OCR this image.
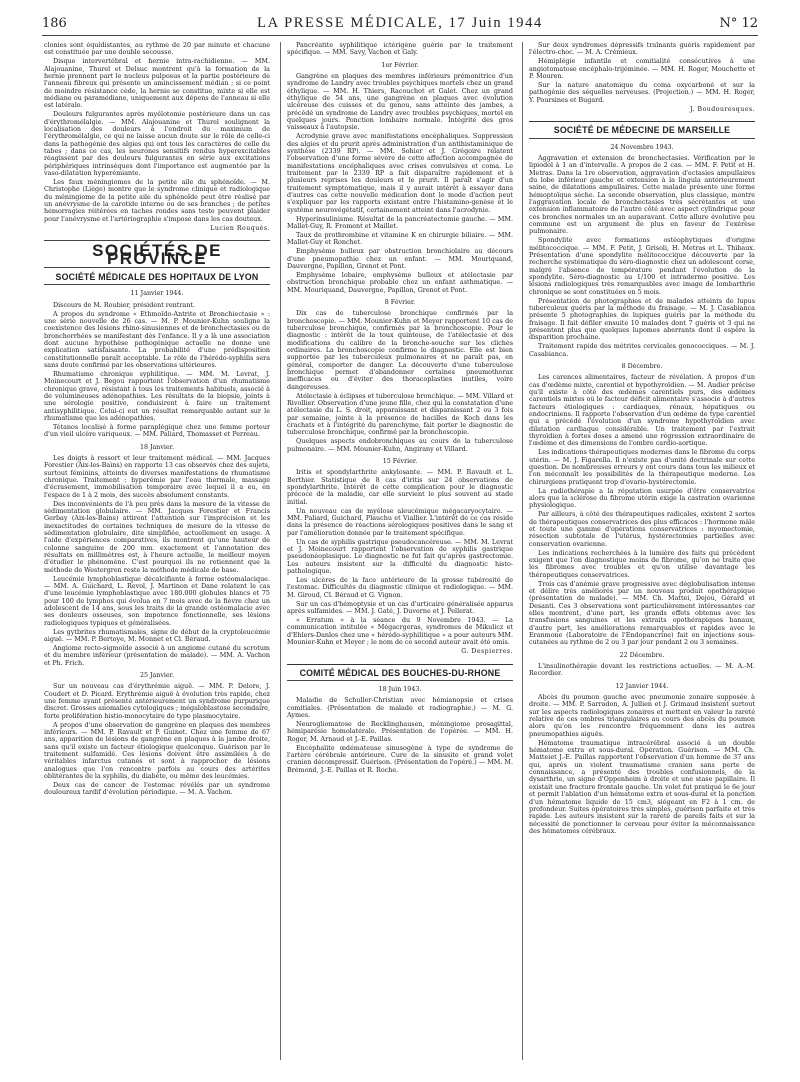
186	LA PRESSE MÉDICALE, 17 Juin 1944	N° 12

clonies sont équidistantes, au rythme de 20 par minute et chacune est constituée par une double secousse.

Disque intervertébral et hernie intra-rachidienne. — MM. Alajouanine, Thurel et Delsuc montrent qu'à la formation de la hernie prennent part le nucleus pulposus et la partie postérieure de l'anneau fibreux qui présente un amincissement médian ; si ce point de moindre résistance cède, la hernie se constitue, mixte si elle est médiane ou paramédiane, uniquement aux dépens de l'anneau si elle est latérale.

Douleurs fulgurantes après myélotomie postérieure dans un cas d'érythromélalgie. — MM. Alajouanine et Thurel soulignent la localisation des douleurs à l'endroit du maximum de l'érythromélalgie, ce qui ne laisse aucun doute sur le rôle de celle-ci dans la pathogénie des algies qui ont tous les caractères de celle du tabes ; dans ce cas, les neurones sensitifs rendus hyperexcitables réagissent par des douleurs fulgurantes en série aux excitations périphériques intrinsèques dont l'importance est augmentée par la vaso-dilatation hyperémiante.

Les faux méningiomes de la petite aile du sphénoïde. — M. Christophe (Liège) montre que le syndrome clinique et radiologique du méningiome de la petite aile du sphénoïde peut être réalisé par un anévrysme de la carotide interne ou de ses branches ; de petites hémorragies réitérées en taches rondes sans teste peuvent plaider pour l'anévrysme et l'artériographie s'impose dans les cas douteux.

Lucien Rouquès.
SOCIÉTÉS DE PROVINCE
SOCIÉTÉ MÉDICALE DES HOPITAUX DE LYON
11 Janvier 1944.

Discours de M. Roubier, président rentrant.

A propos du syndrome « Ethmoïdo-Antrite et Bronchiectasie » : une série nouvelle de 26 cas. — M. P. Mounier-Kuhn souligne la coexistence des lésions rhino-sinusiennes et de bronchectasies ou de bronchorrhées se manifestant dès l'enfance. Il y a là une association dont aucune hypothèse pathogénique actuelle ne donne une explication satisfaisante. La probabilité d'une prédisposition constitutionnelle paraît acceptable. Le rôle de l'hérédo-syphilis sera sans doute confirmé par les observations ultérieures.

Rhumatisme chronique syphilitique. — MM. M. Levrat, J. Moinecourt et J. Begou rapportent l'observation d'un rhumatisme chronique grave, résistant à tous les traitements habituels, associé à de volumineuses adénopathies. Les résultats de la biopsie, joints à une sérologie positive, conduisirent à faire un traitement antisyphilitique. Celui-ci eut un résultat remarquable autant sur le rhumatisme que les adénopathies.

Tétanos localisé à forme paraplégique chez une femme porteur d'un vieil ulcère variqueux. — MM. Paliard, Thomasset et Perreau.

18 Janvier.

Les doigts à ressort et leur traitement médical. — MM. Jacques Forestier (Aix-les-Bains) en rapporte 13 cas observés chez des sujets, surtout féminins, atteints de diverses manifestations de rhumatisme chronique. Traitement : hyperémie par l'eau thermale, massage d'écrasement, immobilisation temporaire avec lequel il a eu, en l'espace de 1 à 2 mois, des succès absolument constants.

Des inconvénients de l'à peu près dans la mesure de la vitesse de sédimentation globulaire. — MM. Jacques Forestier et Francis Gerbay (Aix-les-Bains) attirent l'attention sur l'imprécision et les inexactitudes de certaines techniques de mesure de la vitesse de sédimentation globulaire, dite simplifiée, actuellement en usage. A l'aide d'expériences comparatives, ils montrent qu'une hauteur de colonne sanguine de 200 mm. exactement et l'annotation des résultats en millimètres est, à l'heure actuelle, le meilleur moyen d'étudier le phénomène. C'est pourquoi ils ne retiennent que la méthode de Westergren reste la méthode médicale de base.

Leucémie lymphoblastique décalcifiante à forme ostéomalacique. — MM. A. Guichard, L. Revol, J. Martinon et Dane relatent le cas d'une leucémie lymphoblastique avec 180.000 globules blancs et 75 pour 100 de lymphos qui évolua en 7 mois avec de la fièvre chez un adolescent de 14 ans, sous les traits de la grande ostéomalacie avec ses douleurs osseuses, son impotence fonctionnelle, ses lésions radiologiques typiques et généralisées.

Les gytbrites rhumatismales, signe de début de la cryptoleucémie aiguë. — MM. P. Bertoye, M. Monnet et Cl. Béraud.

Angiome recto-sigmoïde associé à un angiome cutané du scrotum et du membre inférieur (présentation de malade). — MM. A. Vachon et Ph. Frich.

25 Janvier.

Sur un nouveau cas d'érythrémie aiguë. — MM. P. Delore, J. Coudert et D. Picard. Erythrémie aiguë à évolution très rapide, chez une femme ayant présenté antérieurement un syndrome purpurique discret. Grosses anomalies cytologiques ; mégaloblastose secondaire, forte prolifération histio-monocytaire de type plasmocytaire.

A propos d'une observation de gangrène en plaques des membres inférieurs. — MM. P. Ravault et P. Guinet. Chez une femme de 67 ans, apparition de lésions de gangrène en plaques à la jambe droite, sans qu'il existe un facteur étiologique quelconque. Guérison par le traitement sulfamidé. Ces lésions doivent être assimilées à de véritables infarctus cutanés et sont à rapprocher de lésions analogues que l'on rencontre parfois au cours des artérites oblitérantes de la syphilis, du diabète, ou même des leucémies.

Deux cas de cancer de l'estomac révélés par un syndrome douloureux tardif d'évolution périodique. — M. A. Vachon.

Pancréatite syphilitique ictérigène guérie par le traitement spécifique. — MM. Savy, Vachon et Galy.

1er Février.

Gangrène en plaques des membres inférieurs prémonitrice d'un syndrome de Landry avec troubles psychiques mortels chez un grand éthylique. — MM. H. Thiers, Racouchot et Galet. Chez un grand éthylique de 54 ans, une gangrène en plaques avec évolution ulcéreuse des cuisses et du genou, sans atteinte des jambes, a précédé un syndrome de Landry avec troubles psychiques, mortel en quelques jours. Ponction lombaire normale. Intégrité des gros vaisseaux à l'autopsie.

Acrodynie grave avec manifestations encéphaliques. Suppression des algies et du prurit après administration d'un antihistaminique de synthèse (2339 RP). — MM. Sohier et J. Grégoire relatent l'observation d'une forme sévère de cette affection accompagnée de manifestations encéphaliques avec crises convulsives et coma. Le traitement par le 2339 RP a fait disparaître rapidement et à plusieurs reprises les douleurs et le prurit. Il paraît s'agir d'un traitement symptomatique, mais il y aurait intérêt à essayer dans d'autres cas cette nouvelle médication dont le mode d'action peut s'expliquer par les rapports existant entre l'histamino-genèse et le système neurovégétatif, certainement atteint dans l'acrodynie.

Hyperinsulinisme. Résultat de la pancréatectomie gauche. — MM. Mallet-Guy, R. Froment et Maillet.

Taux de prothrombine et vitamine K en chirurgie biliaire. — MM. Mallet-Guy et Ronchet.

Emphysème bulleux par obstruction bronchiolaire au décours d'une pneumopathie chez un enfant. — MM. Mouriquand, Dauvergne, Papillon, Grenot et Pont.

Emphysème lobaire, emphysème bulleux et atélectasie par obstruction bronchique probable chez un enfant asthmatique. — MM. Mouriquand, Dauvergne, Papillon, Grenot et Pont.

8 Février.

Dix cas de tuberculose bronchique confirmés par la bronchoscopie. — MM. Mounier-Kuhn et Meyer rapportent 10 cas de tuberculose bronchique, confirmés par la bronchoscopie. Pour le diagnostic : intérêt de la toux quinteuse, de l'atélectasie et des modifications du calibre de la bronche-souche sur les clichés ordinaires. La bronchoscopie confirme le diagnostic. Elle est bien supportée par les tuberculeux pulmonaires et ne paraît pas, en général, comporter de danger. La découverte d'une tuberculose bronchique permet d'abandonner certaines pneumothorax inefficaces ou d'éviter des thoracoplasties inutiles, voire dangereuses.

Atélectasie à éclipses et tuberculose bronchique. — MM. Villard et Rivollier. Observation d'une jeune fille, chez qui la constatation d'une atélectasie du L. S. droit, apparaissant et disparaissant 2 ou 3 fois par semaine, jointe à la présence de bacilles de Koch dans les crachats et à l'intégrité du parenchyme, fait porter le diagnostic de tuberculose bronchique, confirmé par la bronchoscopie.

Quelques aspects endobronchiques au cours de la tuberculose pulmonaire. — MM. Mounier-Kuhn, Angirany et Villard.

15 Février.

Iritis et spondylarthrite ankylosante. — MM. P. Ravault et L. Berthier. Statistique de 8 cas d'iritis sur 24 observations de spondylarthrite. Intérêt de cette complication pour le diagnostic précoce de la maladie, car elle survient le plus souvent au stade initial.

Un nouveau cas de myélose aleucémique mégacaryocytaire. — MM. Paliard, Guichard, Plauchu et Viallier. L'intérêt de ce cas réside dans la présence de réactions sérologiques positives dans le sang et par l'amélioration donnée par le traitement spécifique.

Un cas de syphilis gastrique pseudocancéreuse. — MM. M. Levrat et J. Moinecourt rapportent l'observation de syphilis gastrique pseudonéoplasique. Le diagnostic ne fut fait qu'après gastrectomie. Les auteurs insistent sur la difficulté du diagnostic histo-pathologique.

Les ulcères de la face antérieure de la grosse tubérosité de l'estomac. Difficultés du diagnostic clinique et radiologique. — MM. M. Giroud, Cl. Béraud et G. Vignon.

Sur un cas d'hémoptysie et un cas d'urticaire généralisée apparus après sulfamides. — MM. J. Gaté, J. Duverne et J. Pellerat.

« Erratum » à la séance du 9 Novembre 1943. — La communication intitulée « Mégacrgeras, syndromes de Mikulicz et d'Ehlers-Danlos chez une « hérédo-syphilitique » a pour auteurs MM. Mounier-Kuhn et Meyer ; le nom de ce second auteur avait été omis.

G. Despierres.
COMITÉ MÉDICAL DES BOUCHES-DU-RHONE
18 Juin 1943.

Maladie de Schuller-Christian avec hémianopsie et crises comitiales. (Présentation de malade et radiographie.) — M. G. Aymes.

Neurogliomatose de Recklinghausen, méningiome prosagittal, hémiparésie homolatérale. Présentation de l'opérée. — MM. H. Roger, M. Arnaud et J.-E. Paillas.

Encéphalite œdémateuse sinusogène à type de syndrome de l'artère cérébrale antérieure. Cure de la sinusite et grand volet cranien décompressif. Guérison. (Présentation de l'opéré.) — MM. M. Brémond, J.-E. Paillas et R. Roche.

Sur deux syndromes dépressifs traînants guéris rapidement par l'électro-choc. — M. A. Crémieux.

Hémiplégie infantile et comitialité consécutives à une angiotomatose encéphalo-trijéminée. — MM. H. Roger, Mouchette et P. Mouren.

Sur la nature anatomique du coma oxycarboné et sur la pathogénie des séquelles nerveuses. (Projection.) — MM. H. Roger, Y. Poursines et Bugard.

J. Boudouresques.
SOCIÉTÉ DE MÉDECINE DE MARSEILLE
24 Novembre 1943.

Aggravation et extension de bronchectasies. Vérification par le lipiodol à 1 an d'intervalle. A propos de 2 cas. — MM. F. Petit et H. Metras. Dans la 1re observation, aggravation d'ectasies ampullaires du lobe inférieur gauche et extension à la lingula antérieurement saine, de dilatations ampullaires. Cette malade présente une forme hémoptoïque sèche. La seconde observation, plus classique, montre l'aggravation locale de bronchectasies très sécrétantes et une extension inflammatoire de l'autre côté avec aspect cylindrique pour ces bronches normales un an auparavant. Cette allure évolutive peu commune est un argument de plus en faveur de l'exérèse pulmonaire.

Spondylite avec formations ostéophytiques d'origine mélitococcique. — MM. F. Petit, J. Grisoli, H. Metras et L. Thibaux. Présentation d'une spondylite mélitococcique découverte par la recherche systématique du séro-diagnostic chez un adolescent corse, malgré l'absence de température pendant l'évolution de la spondylite. Séro-diagnostic au 1/100 et intradermo positive. Les lésions radiologiques très remarquables avec image de lombarthrie chronique se sont constituées en 5 mois.

Présentation de photographies et de malades atteints de lupus tuberculeux guéris par la méthode du fraisage. — M. J. Casabianca présente 5 photographies de lupiques guéris par la méthode du fraisage. Il fait défiler ensuite 10 malades dont 7 guéris et 3 qui ne présentent plus que quelques lupomes aberrants dont il espère la disparition prochaine.

Traitement rapide des métrites cervicales gonococciques. — M. J. Casabianca.

8 Décembre.

Les carences alimentaires, facteur de révélation. A propos d'un cas d'œdème mixte, carentiel et hypothyroïdien. — M. Audier précise qu'il existe à côté des œdèmes carentiels purs, des œdèmes carentiels mixtes où le facteur déficit alimentaire s'associe à d'autres facteurs étiologiques : cardiaques, rénaux, hépatiques ou endocriniens. Il rapporte l'observation d'un œdème de type carentiel qui a précédé l'évolution d'un syndrome hypothyroïdien avec dilatation cardiaque considérable. Un traitement par l'extrait thyroïdien à fortes doses a amené une régression extraordinaire de l'œdème et des dimensions de l'ombre cardio-aortique.

Les indications thérapeutiques modernes dans le fibrome du corps utérin. — M. J. Figarella. Il n'existe pas d'unité doctrinale sur cette question. De nombreuses erreurs y ont cours dans tous les milieux et l'on méconnaît les possibilités de la thérapeutique moderne. Les chirurgiens pratiquent trop d'ovario-hystérectomie.

La radiothérapie a la réputation usurpée d'être conservatrice alors que la sclérose du fibrome utérin exige la castration ovarienne physiologique.

Par ailleurs, à côté des thérapeutiques radicales, existent 2 sortes de thérapeutiques conservatrices des plus efficaces : l'hormone mâle et toute une gamme d'opérations conservatrices : myomectomie, résection subtotale de l'utérus, hystérectomies partielles avec conservation ovarienne.

Les indications recherchées à la lumière des faits qui précèdent exigent que l'on diagnostique moins de fibrome, qu'on ne traite que les fibromes avec troubles et qu'on utilise davantage les thérapeutiques conservatrices.

Trois cas d'anémie grave progressive avec déglobulisation intense et délire très améliorés par un nouveau produit opothérapique (présentation de malade). — MM. Ch. Mattei, Dejou, Gérard et Desanti. Ces 3 observations sont particulièrement intéressantes car elles montrent, d'une part, les grands effets obtenus avec les transfusions sanguines et les extraits opothérapiques banaux, d'autre part, les améliorations remarquables et rapides avec le Eranmone (Laboratoire de l'Endopancrine) fait en injections sous-cutanées au rythme de 2 ou 3 par jour pendant 2 ou 3 semaines.

22 Décembre.

L'insulinothérapie devant les restrictions actuelles. — M. A.-M. Recordier.

12 Janvier 1944.

Abcès du poumon gauche avec pneumonie zonaire supposée à droite. — MM. P. Sarradon, A. Jullien et J. Grimaud insistent surtout sur les aspects radiologiques zonaires et mettent en valeur la rareté relative de ces ombres triangulaires au cours des abcès du poumon alors qu'on les rencontre fréquemment dans les autres pneumopathies aiguës.

Hématome traumatique intracérébral associé à un double hématome extra et sous-dural. Opération. Guérison. — MM. Ch. Matteiet J.-E. Paillas rapportent l'observation d'un homme de 37 ans qui, après un violent traumatisme cranien sans perte de connaissance, a présenté des troubles confusionnels, de la dysarthrie, un signe d'Oppenheim à droite et une stase papillaire. Il existait une fracture frontale gauche. Un volet fut pratiqué le 6e jour et permit l'ablation d'un hématome extra et sous-dural et la ponction d'un hématome liquide de 15 cm3, siégeant en F2 à 1 cm. de profondeur. Suites opératoires très simples, guérison parfaite et très rapide. Les auteurs insistent sur la rareté de pareils faits et sur la nécessité de ponctionner le cerveau pour éviter la méconnaissance des hématomes cérébraux.
